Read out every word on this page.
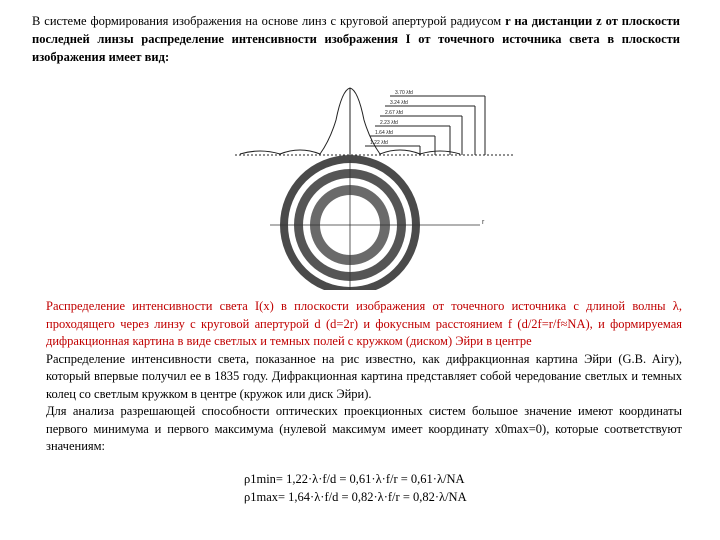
В системе формирования изображения на основе линз с круговой апертурой радиусом r на дистанции z от плоскости последней линзы распределение интенсивности изображения I от точечного источника света в плоскости изображения имеет вид:
3.70 λfd
3.24 λfd
2.67 λfd
2.23 λfd
1.64 λfd
1.22 λfd
r

Распределение интенсивности света I(x) в плоскости изображения от точечного источника с длиной волны λ, проходящего через линзу с круговой апертурой d (d=2r) и фокусным расстоянием f (d/2f=r/f≈NA), и формируемая дифракционная картина в виде светлых и темных полей с кружком (диском) Эйри в центре

Распределение интенсивности света, показанное на рис известно, как дифракционная картина Эйри (G.B. Airy), который впервые получил ее в 1835 году. Дифракционная картина представляет собой чередование светлых и темных колец со светлым кружком в центре (кружок или диск Эйри).

Для анализа разрешающей способности оптических проекционных систем большое значение имеют координаты первого минимума и первого максимума (нулевой максимум имеет координату x0max=0), которые соответствуют значениям:

ρ1min= 1,22·λ·f/d = 0,61·λ·f/r = 0,61·λ/NA
ρ1max= 1,64·λ·f/d = 0,82·λ·f/r = 0,82·λ/NA
